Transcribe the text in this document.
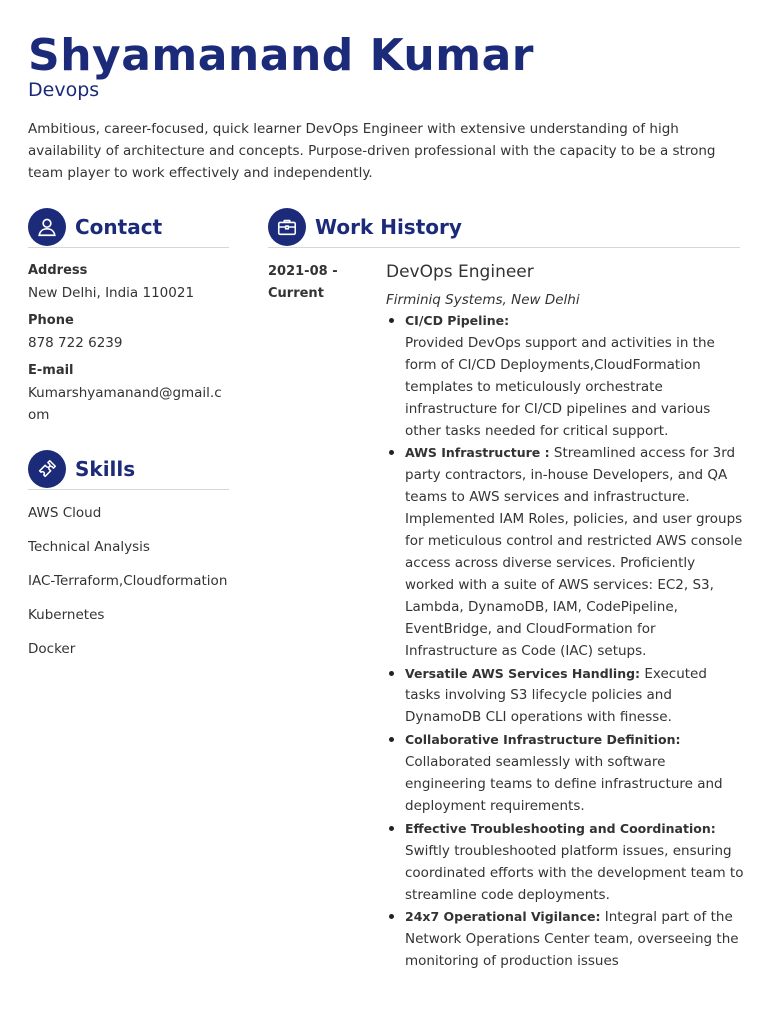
Shyamanand Kumar
Devops

Ambitious, career-focused, quick learner DevOps Engineer with extensive understanding of high availability of architecture and concepts. Purpose-driven professional with the capacity to be a strong team player to work effectively and independently.

Contact
Address
New Delhi, India 110021
Phone
878 722 6239
E-mail
Kumarshyamanand@gmail.com
Skills
AWS Cloud
Technical Analysis
IAC-Terraform,Cloudformation
Kubernetes
Docker
Work History
2021-08 - Current
DevOps Engineer
Firminiq Systems, New Delhi
CI/CD Pipeline:
Provided DevOps support and activities in the form of CI/CD Deployments,CloudFormation templates to meticulously orchestrate infrastructure for CI/CD pipelines and various other tasks needed for critical support.
AWS Infrastructure : Streamlined access for 3rd party contractors, in-house Developers, and QA teams to AWS services and infrastructure. Implemented IAM Roles, policies, and user groups for meticulous control and restricted AWS console access across diverse services. Proficiently worked with a suite of AWS services: EC2, S3, Lambda, DynamoDB, IAM, CodePipeline, EventBridge, and CloudFormation for Infrastructure as Code (IAC) setups.
Versatile AWS Services Handling: Executed tasks involving S3 lifecycle policies and DynamoDB CLI operations with finesse.
Collaborative Infrastructure Definition: Collaborated seamlessly with software engineering teams to define infrastructure and deployment requirements.
Effective Troubleshooting and Coordination: Swiftly troubleshooted platform issues, ensuring coordinated efforts with the development team to streamline code deployments.
24x7 Operational Vigilance: Integral part of the Network Operations Center team, overseeing the monitoring of production issues
